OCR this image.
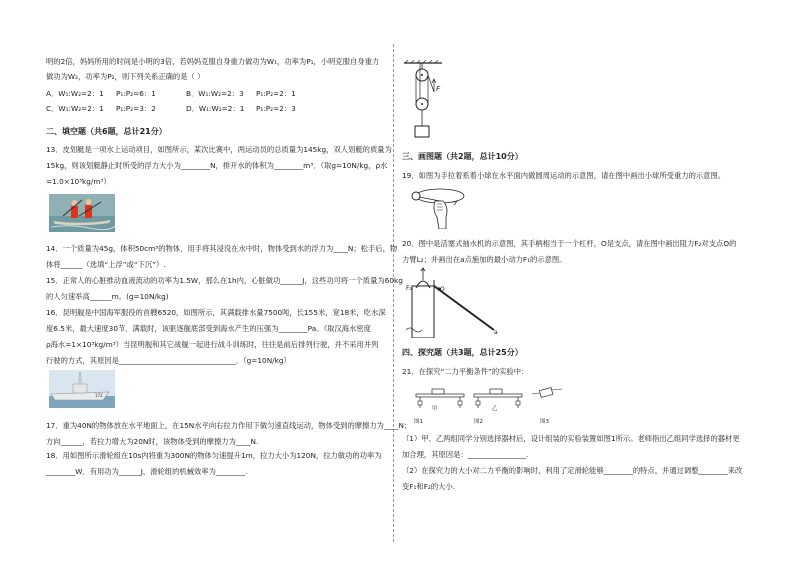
明的2倍，妈妈所用的时间是小明的3倍，若妈妈克服自身重力做功为W₁，功率为P₁，小明克服自身重力
做功为W₂，功率为P₂，则下列关系正确的是（ ）
A．W₁:W₂=2：1 P₁:P₂=6：1	B．W₁:W₂=2：3 P₁:P₂=2：1
C．W₁:W₂=2：1 P₁:P₂=3：2	D．W₁:W₂=2：1 P₁:P₂=2：3
二、填空题（共6题，总计21分）
13．皮划艇是一项水上运动项目，如图所示，某次比赛中，两运动员的总质量为145kg，双人划艇的质量为
15kg，则该划艇静止时所受的浮力大小为________N，排开水的体积为________m³．（取g=10N/kg，ρ水
=1.0×10³kg/m³）
14．一个质量为45g，体积50cm³的物体，用手将其浸没在水中时，物体受到水的浮力为____N；松手后，物
体将______（选填“上浮”或“下沉”）.
15．正常人的心脏推动血液流动的功率为1.5W，那么在1h内，心脏做功______J，这些功可将一个质量为60kg
的人匀速举高______m。(g=10N/kg)
16．昆明舰是中国海军服役的首艘6520，如图所示，其满载排水量7500吨，长155米，宽18米，吃水深
度6.5米，最大速度30节．满载时，该驱逐舰底部受到海水产生的压强为________Pa。（取汉海水密度
ρ海水=1×10³kg/m³）当昆明舰和其它战舰一起进行战斗训练时，往往是前后排列行驶，并不采用并列
行驶的方式，其原因是________________________________．（g=10N/kg）
172
17．重为40N的物体放在水平地面上，在15N水平向右拉力作用下做匀速直线运动，物体受到的摩擦力为____N；
方向______，若拉力增大为20N时，该物体受到的摩擦力为____N.
18．用如图所示滑轮组在10s内将重为300N的物体匀速提升1m，拉力大小为120N，拉力做功的功率为
________W．有用功为______J，滑轮组的机械效率为________.
F
三、画图题（共2题，总计10分）
19．如图为手拉着系着小球在水平面内做圆周运动的示意图，请在图中画出小球所受重力的示意图。
20．图中是活塞式抽水机的示意图，其手柄相当于一个杠杆，O是支点，请在图中画出阻力F₂对支点O的
力臂L₂；并画出在a点施加的最小动力F₁的示意图。
F₂	O
a
四、探究题（共3题，总计25分）
21．在探究“二力平衡条件”的实验中：
甲	乙
图1	图2	图3
（1）甲、乙两组同学分别选择器材后，设计组装的实验装置如图1所示。老师指出乙组同学选择的器材更
加合理，其原因是：________________.
（2）在探究力的大小对二力平衡的影响时，利用了定滑轮能够________的特点，并通过调整________来改
变F₁和F₂的大小.
